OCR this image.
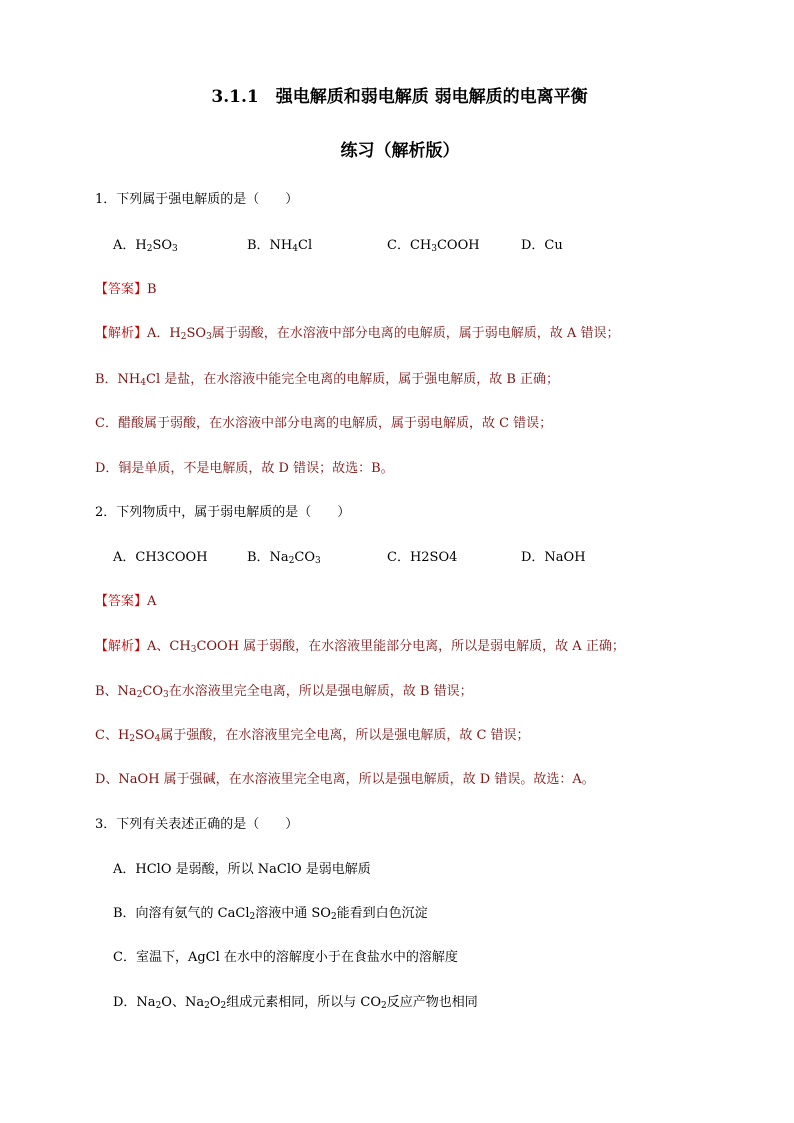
3.1.1　强电解质和弱电解质 弱电解质的电离平衡
练习（解析版）
1．下列属于强电解质的是（　　）
A．$H_2SO_3$	B．$NH_4Cl$	C．$CH_3COOH$	D．Cu
【答案】B
【解析】A．$H_2SO_3$属于弱酸，在水溶液中部分电离的电解质，属于弱电解质，故 A 错误；
B．$NH_4Cl$ 是盐，在水溶液中能完全电离的电解质，属于强电解质，故 B 正确；
C．醋酸属于弱酸，在水溶液中部分电离的电解质，属于弱电解质，故 C 错误；
D．铜是单质，不是电解质，故 D 错误；故选：B。
2．下列物质中，属于弱电解质的是（　　）
A．CH3COOH	B．$Na_2CO_3$	C．H2SO4	D．NaOH
【答案】A
【解析】A、$CH_3COOH$ 属于弱酸，在水溶液里能部分电离，所以是弱电解质，故 A 正确；
B、$Na_2CO_3$在水溶液里完全电离，所以是强电解质，故 B 错误；
C、$H_2SO_4$属于强酸，在水溶液里完全电离，所以是强电解质，故 C 错误；
D、NaOH 属于强碱，在水溶液里完全电离，所以是强电解质，故 D 错误。故选：A。
3．下列有关表述正确的是（　　）
A．HClO 是弱酸，所以 NaClO 是弱电解质
B．向溶有氨气的 CaCl$_2$溶液中通 $SO_2$能看到白色沉淀
C．室温下，AgCl 在水中的溶解度小于在食盐水中的溶解度
D．$Na_2O$、$Na_2O_2$组成元素相同，所以与 $CO_2$反应产物也相同
